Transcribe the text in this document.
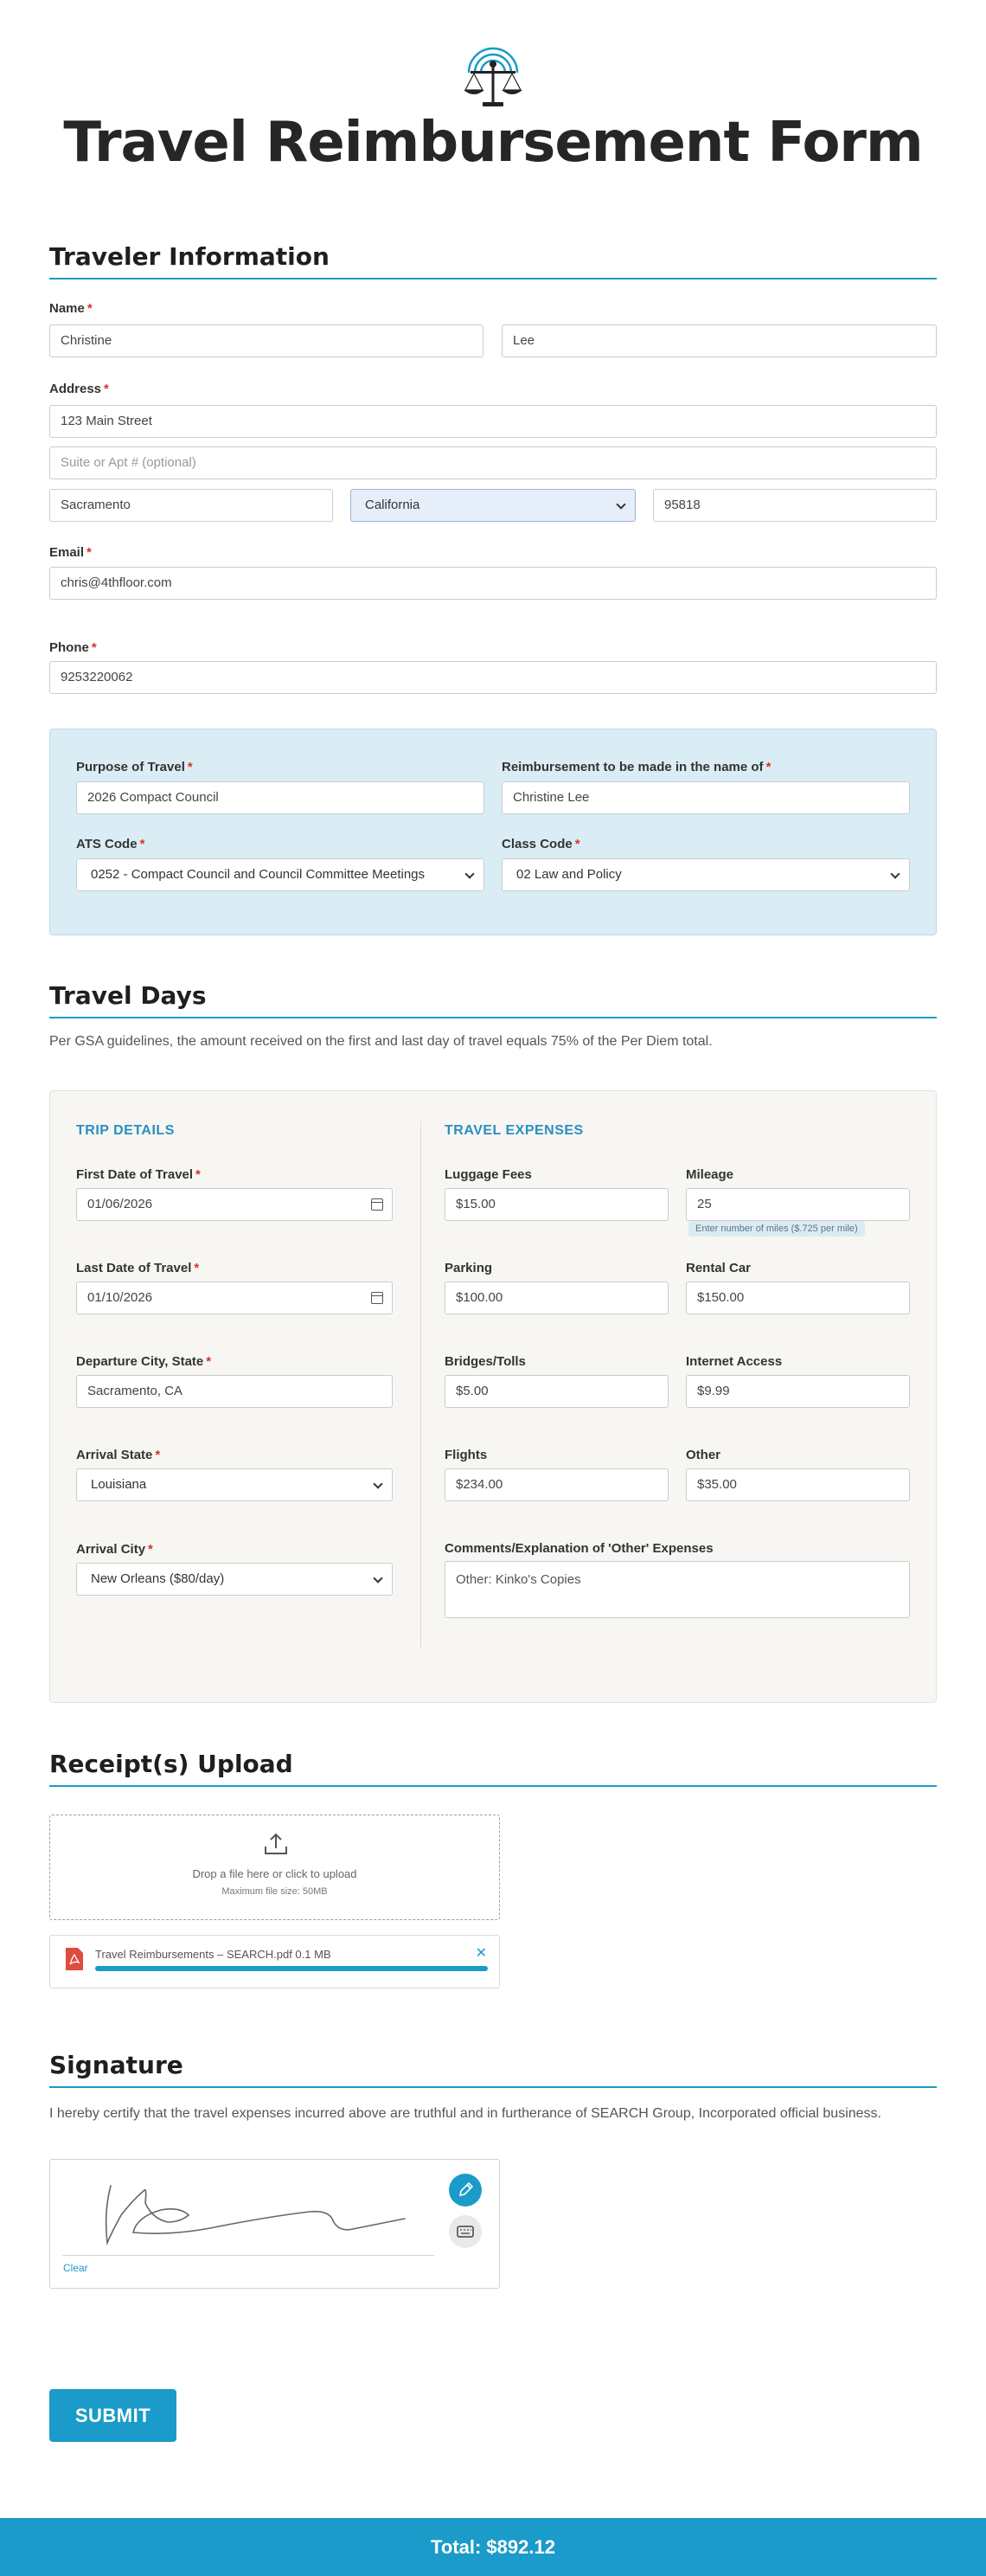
Travel Reimbursement Form
Traveler Information
Name *
Christine	Lee
Address *
123 Main Street
Suite or Apt # (optional)
Sacramento	California	95818
Email *
chris@4thfloor.com
Phone *
9253220062
Purpose of Travel *
2026 Compact Council
Reimbursement to be made in the name of *
Christine Lee
ATS Code *
0252 - Compact Council and Council Committee Meetings
Class Code *
02 Law and Policy
Travel Days
Per GSA guidelines, the amount received on the first and last day of travel equals 75% of the Per Diem total.
TRIP DETAILS	TRAVEL EXPENSES
First Date of Travel *
01/06/2026
Last Date of Travel *
01/10/2026
Departure City, State *
Sacramento, CA
Arrival State *
Louisiana
Arrival City *
New Orleans ($80/day)
Luggage Fees
$15.00
Mileage
25
Enter number of miles ($.725 per mile)
Parking
$100.00
Rental Car
$150.00
Bridges/Tolls
$5.00
Internet Access
$9.99
Flights
$234.00
Other
$35.00
Comments/Explanation of 'Other' Expenses
Other: Kinko's Copies
Receipt(s) Upload
Drop a file here or click to upload
Maximum file size: 50MB
Travel Reimbursements – SEARCH.pdf 0.1 MB	✕
Signature
I hereby certify that the travel expenses incurred above are truthful and in furtherance of SEARCH Group, Incorporated official business.
Clear
SUBMIT
Total: $892.12
